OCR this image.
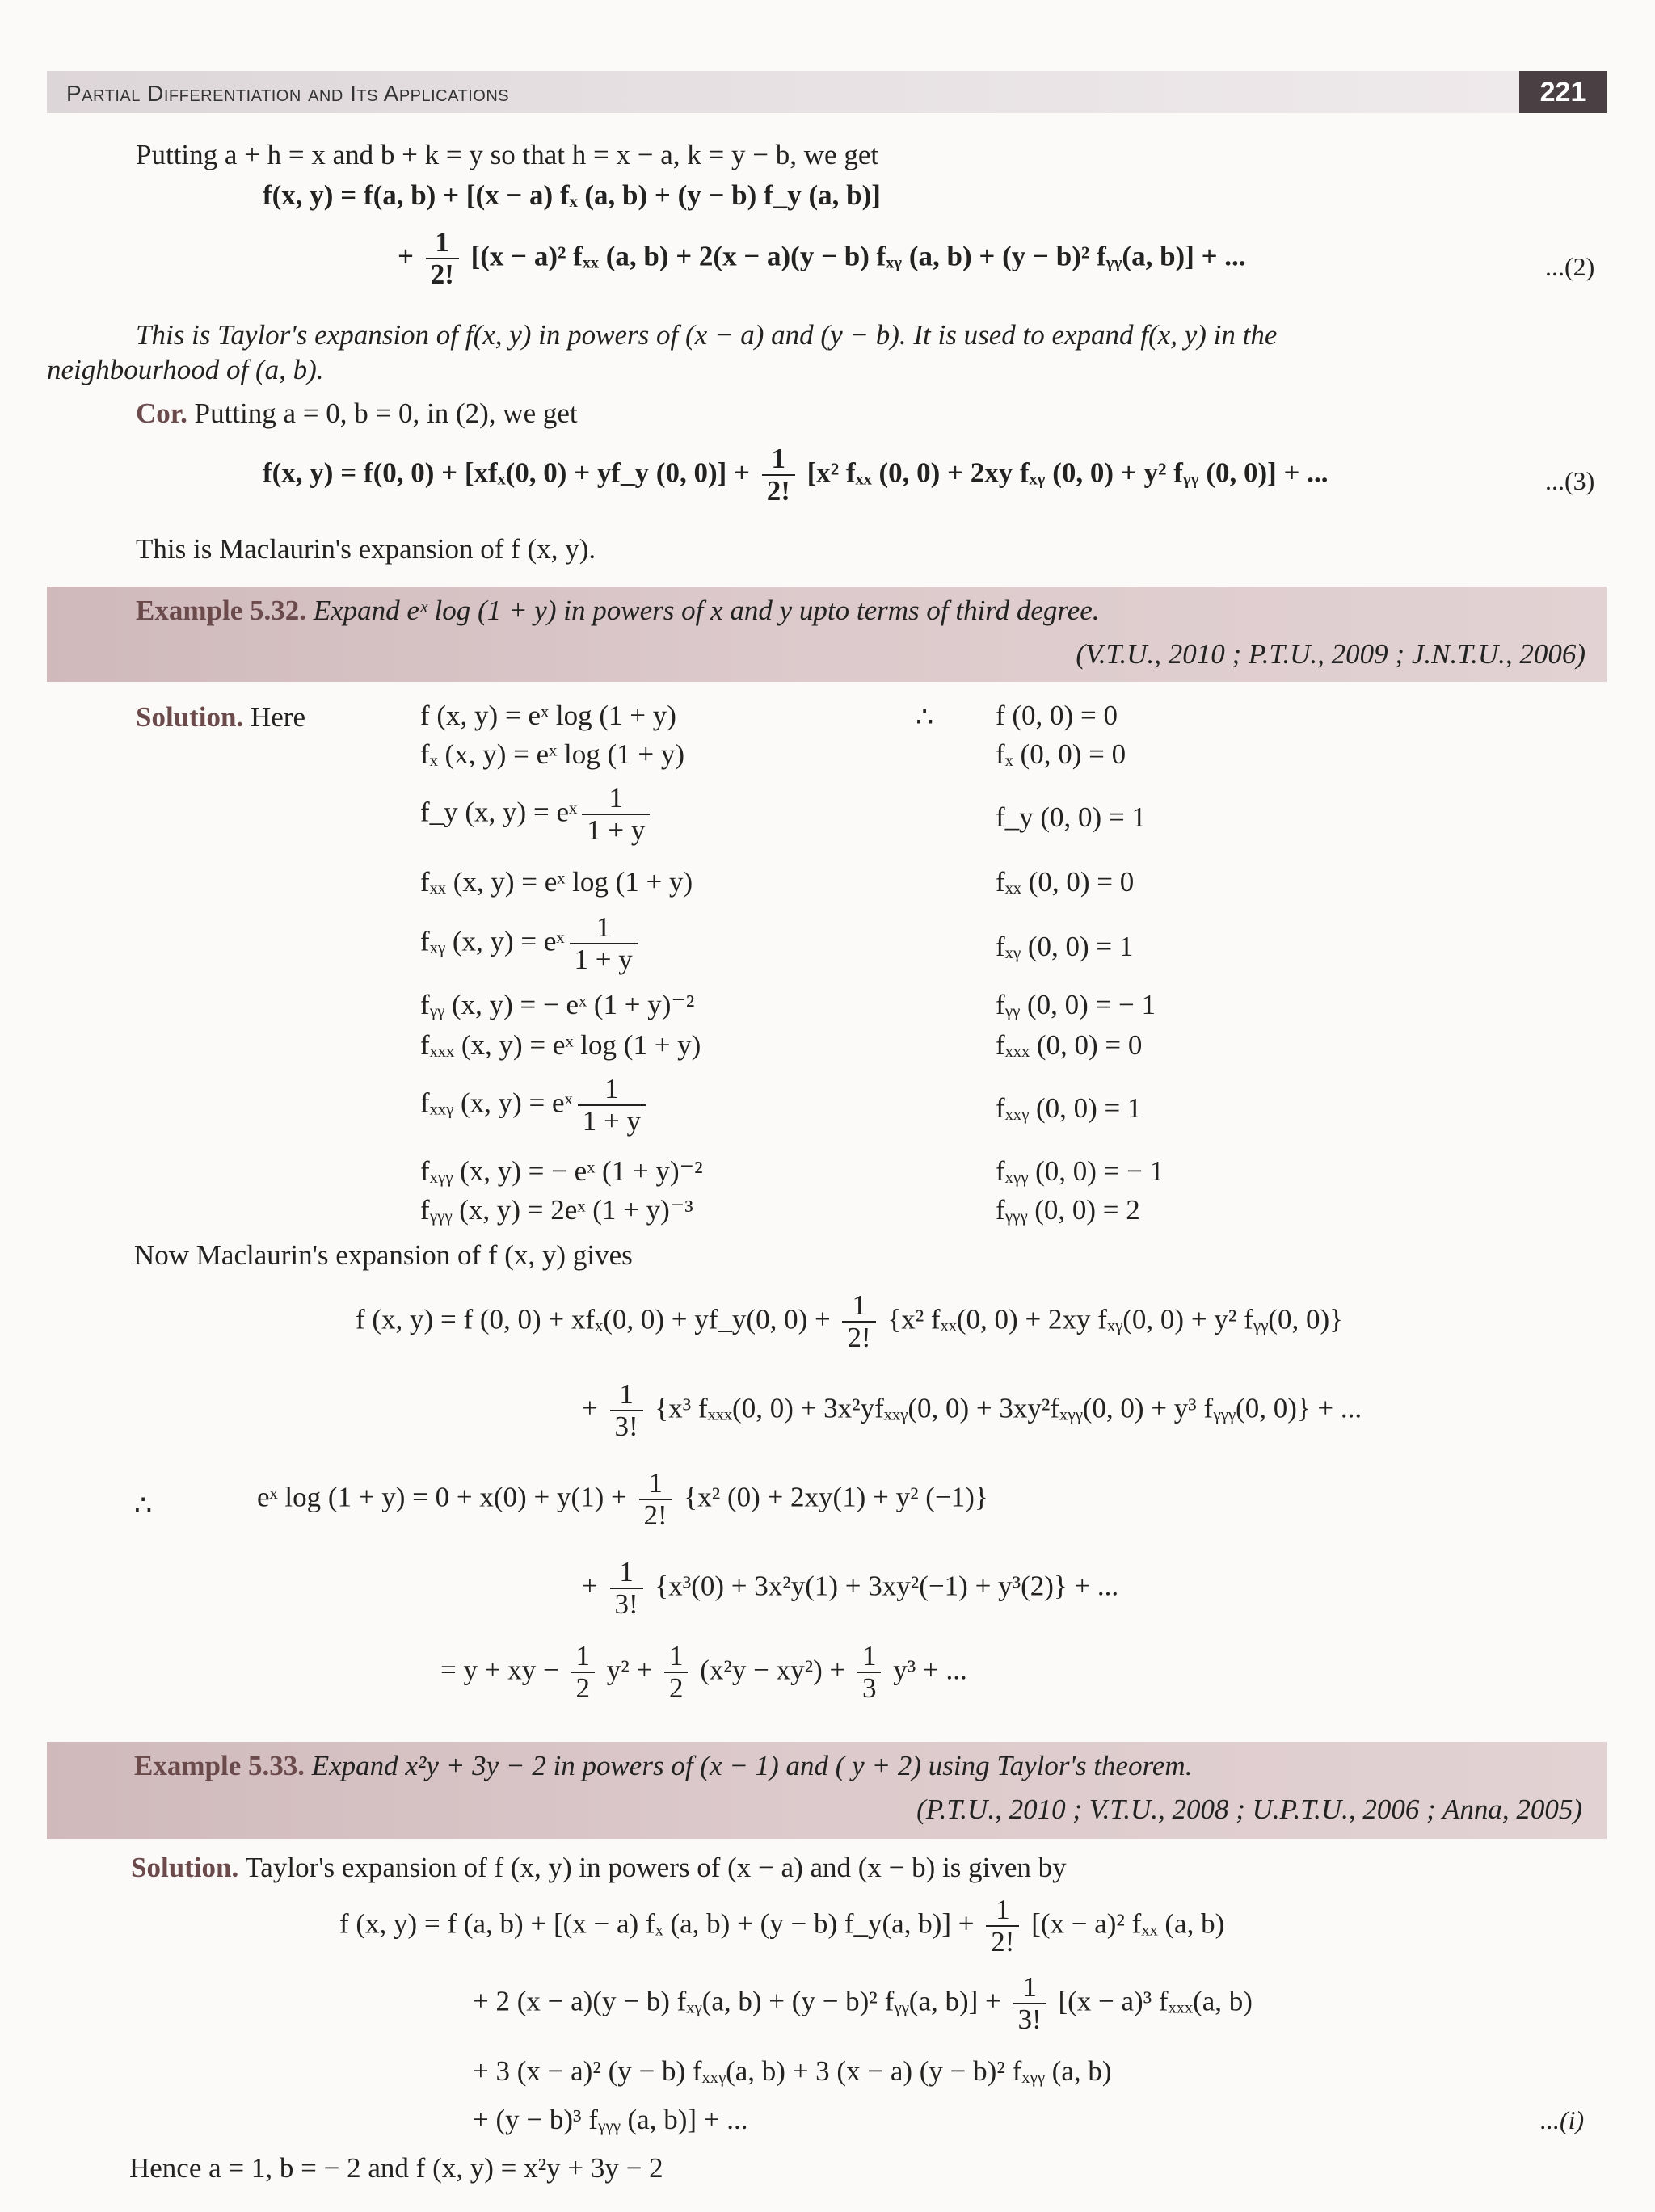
Partial Differentiation and Its Applications	221
Putting a + h = x and b + k = y so that h = x − a, k = y − b, we get
f(x, y) = f(a, b) + [(x − a) fₓ (a, b) + (y − b) f_y (a, b)]
+ $\frac{1}{2!} [(x - a)^2$ fₓₓ (a, b) + 2(x − a)(y − b) fₓᵧ (a, b) + (y − b)² fᵧᵧ(a, b)] + ...	...(2)
This is Taylor's expansion of f(x, y) in powers of (x − a) and (y − b). It is used to expand f(x, y) in the
neighbourhood of (a, b).
Cor. Putting a = 0, b = 0, in (2), we get
f(x, y) = f(0, 0) + [xfₓ(0, 0) + yf_y (0, $0)] + \frac{1}{2!} [x^2$ fₓₓ (0, 0) + 2xy fₓᵧ (0, 0) + y² fᵧᵧ (0, 0)] + ...	...(3)
This is Maclaurin's expansion of f (x, y).
Example 5.32. Expand eˣ log (1 + y) in powers of x and y upto terms of third degree.
(V.T.U., 2010 ; P.T.U., 2009 ; J.N.T.U., 2006)
Solution. Here	∴
f (x, y) = eˣ log (1 + y)	f (0, 0) = 0
fₓ (x, y) = eˣ log (1 + y)	fₓ (0, 0) = 0
f_y (x, y) = eˣ $\frac{1}{1 + y}$	f_y (0, 0) = 1
fₓₓ (x, y) = eˣ log (1 + y)	fₓₓ (0, 0) = 0
fₓᵧ (x, y) = eˣ $\frac{1}{1 + y}$	fₓᵧ (0, 0) = 1
fᵧᵧ (x, y) = − eˣ (1 + y)⁻²	fᵧᵧ (0, 0) = − 1
fₓₓₓ (x, y) = eˣ log (1 + y)	fₓₓₓ (0, 0) = 0
fₓₓᵧ (x, y) = eˣ $\frac{1}{1 + y}$	fₓₓᵧ (0, 0) = 1
fₓᵧᵧ (x, y) = − eˣ (1 + y)⁻²	fₓᵧᵧ (0, 0) = − 1
fᵧᵧᵧ (x, y) = 2eˣ (1 + y)⁻³	fᵧᵧᵧ (0, 0) = 2
Now Maclaurin's expansion of f (x, y) gives
f (x, y) = f (0, 0) + xfₓ(0, 0) + yf_y(0, $0) + \frac{1}{2!} \{x^2$ fₓₓ(0, 0) + 2xy fₓᵧ(0, 0) + y² fᵧᵧ(0, 0)}
+ $\frac{1}{3!} \{x^3$ fₓₓₓ(0, 0) + 3x²yfₓₓᵧ(0, 0) + 3xy²fₓᵧᵧ(0, 0) + y³ fᵧᵧᵧ(0, 0)} + ...
∴	eˣ $\log (1 + y) = 0 + x(0) + y(1) + \frac{1}{2!} \{x^2$ (0) + 2xy(1) + y² (−1)}
+ $\frac{1}{3!} \{x^3(0) + 3x^2y(1) + 3xy^2(-1) + y^3(2)\}$ + ...
= y + xy − $\frac{1}{2} y^2 + \frac{1}{2} (x^2y - xy^2) + \frac{1}{3} y^3$ + ...
Example 5.33. Expand x²y + 3y − 2 in powers of (x − 1) and ( y + 2) using Taylor's theorem.
(P.T.U., 2010 ; V.T.U., 2008 ; U.P.T.U., 2006 ; Anna, 2005)
Solution. Taylor's expansion of f (x, y) in powers of (x − a) and (x − b) is given by
f (x, y) = f (a, b) + [(x − a) fₓ (a, b) + (y − b) f_y(a, $b)] + \frac{1}{2!} [(x - a)^2$ fₓₓ (a, b)
+ 2 (x − a)(y − b) fₓᵧ(a, b) + (y − b)² fᵧᵧ(a, $b)] + \frac{1}{3!} [(x - a)^3$ fₓₓₓ(a, b)
+ 3 (x − a)² (y − b) fₓₓᵧ(a, b) + 3 (x − a) (y − b)² fₓᵧᵧ (a, b)
+ (y − b)³ fᵧᵧᵧ (a, b)] + ...	...(i)
Hence a = 1, b = − 2 and f (x, y) = x²y + 3y − 2
